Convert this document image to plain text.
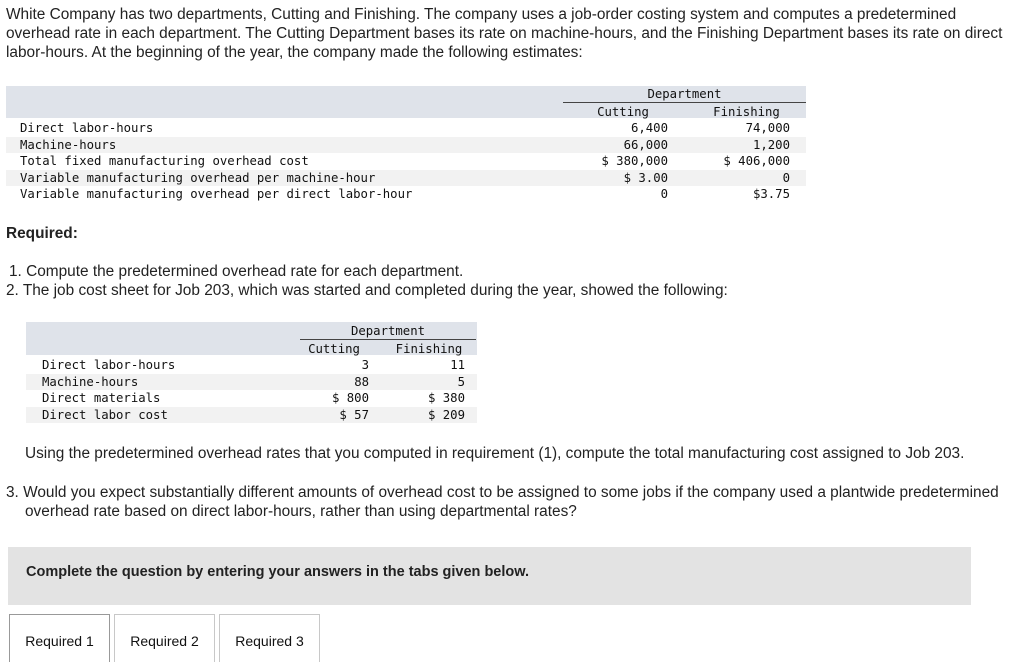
White Company has two departments, Cutting and Finishing. The company uses a job-order costing system and computes a predetermined overhead rate in each department. The Cutting Department bases its rate on machine-hours, and the Finishing Department bases its rate on direct labor-hours. At the beginning of the year, the company made the following estimates:

Department
Cutting	Finishing
Direct labor-hours	6,400	74,000
Machine-hours	66,000	1,200
Total fixed manufacturing overhead cost	$ 380,000	$ 406,000
Variable manufacturing overhead per machine-hour	$ 3.00	0
Variable manufacturing overhead per direct labor-hour	0	$3.75

Required:

1. Compute the predetermined overhead rate for each department.

2. The job cost sheet for Job 203, which was started and completed during the year, showed the following:

Department
Cutting	Finishing
Direct labor-hours	3	11
Machine-hours	88	5
Direct materials	$ 800	$ 380
Direct labor cost	$ 57	$ 209

Using the predetermined overhead rates that you computed in requirement (1), compute the total manufacturing cost assigned to Job 203.

3. Would you expect substantially different amounts of overhead cost to be assigned to some jobs if the company used a plantwide predetermined overhead rate based on direct labor-hours, rather than using departmental rates?

Complete the question by entering your answers in the tabs given below.
Required 1	Required 2	Required 3
